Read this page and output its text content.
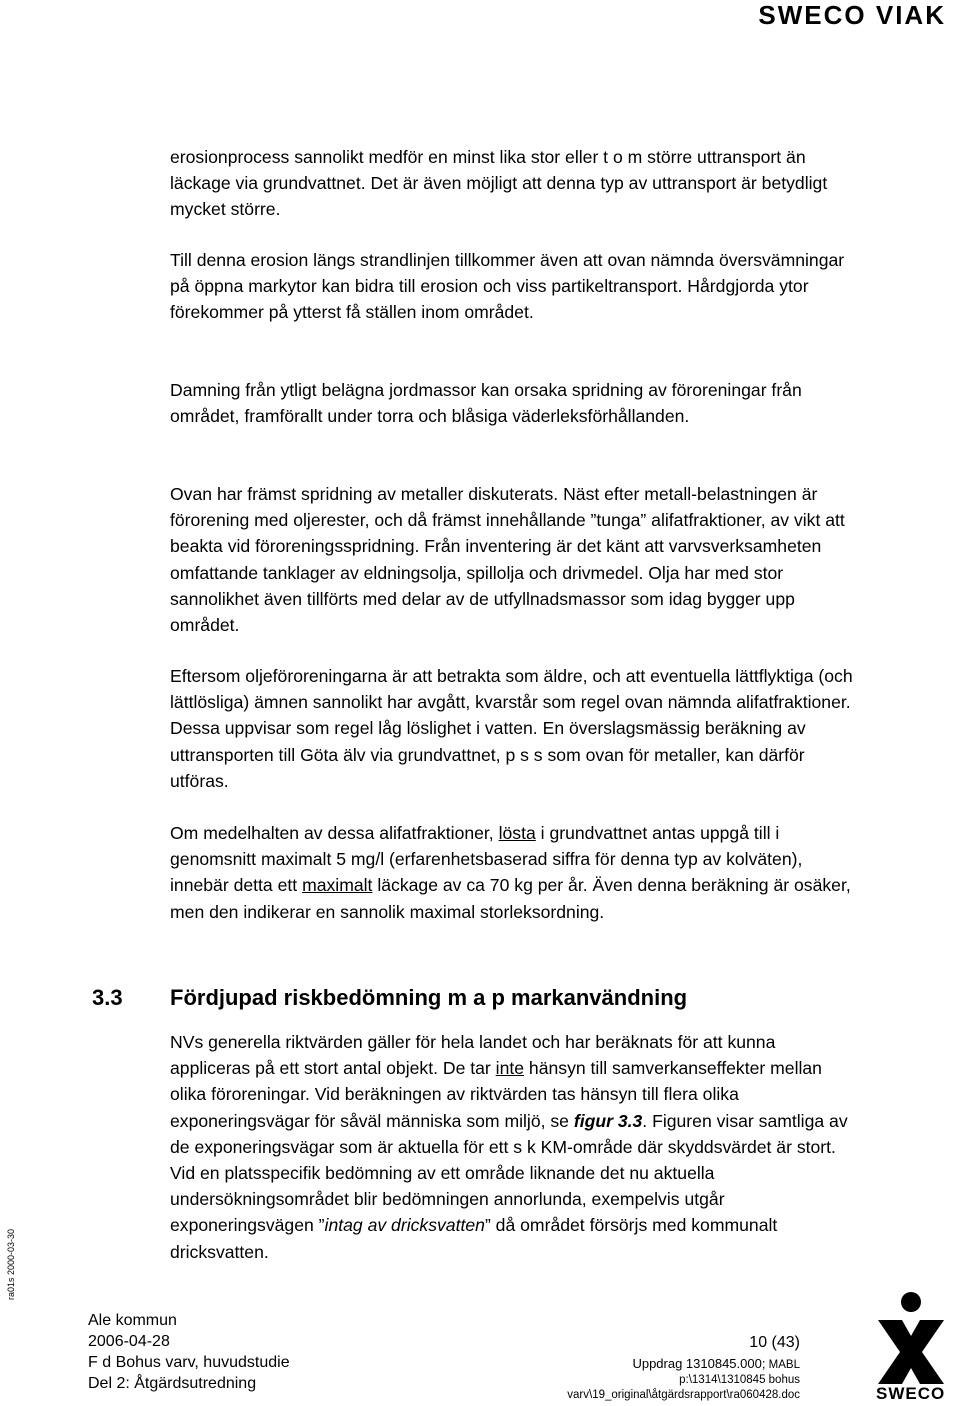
SWECO VIAK

erosionprocess sannolikt medför en minst lika stor eller t o m större uttransport än läckage via grundvattnet. Det är även möjligt att denna typ av uttransport är betydligt mycket större.

Till denna erosion längs strandlinjen tillkommer även att ovan nämnda översvämningar på öppna markytor kan bidra till erosion och viss partikeltransport. Hårdgjorda ytor förekommer på ytterst få ställen inom området.

Damning från ytligt belägna jordmassor kan orsaka spridning av föroreningar från området, framförallt under torra och blåsiga väderleksförhållanden.

Ovan har främst spridning av metaller diskuterats. Näst efter metall-belastningen är förorening med oljerester, och då främst innehållande ”tunga” alifatfraktioner, av vikt att beakta vid föroreningsspridning. Från inventering är det känt att varvsverksamheten omfattande tanklager av eldningsolja, spillolja och drivmedel. Olja har med stor sannolikhet även tillförts med delar av de utfyllnadsmassor som idag bygger upp området.

Eftersom oljeföroreningarna är att betrakta som äldre, och att eventuella lättflyktiga (och lättlösliga) ämnen sannolikt har avgått, kvarstår som regel ovan nämnda alifatfraktioner. Dessa uppvisar som regel låg löslighet i vatten. En överslagsmässig beräkning av uttransporten till Göta älv via grundvattnet, p s s som ovan för metaller, kan därför utföras.

Om medelhalten av dessa alifatfraktioner, lösta i grundvattnet antas uppgå till i genomsnitt maximalt 5 mg/l (erfarenhetsbaserad siffra för denna typ av kolväten), innebär detta ett maximalt läckage av ca 70 kg per år. Även denna beräkning är osäker, men den indikerar en sannolik maximal storleksordning.

3.3 Fördjupad riskbedömning m a p markanvändning

NVs generella riktvärden gäller för hela landet och har beräknats för att kunna appliceras på ett stort antal objekt. De tar inte hänsyn till samverkanseffekter mellan olika föroreningar. Vid beräkningen av riktvärden tas hänsyn till flera olika exponeringsvägar för såväl människa som miljö, se figur 3.3. Figuren visar samtliga av de exponeringsvägar som är aktuella för ett s k KM-område där skyddsvärdet är stort. Vid en platsspecifik bedömning av ett område liknande det nu aktuella undersökningsområdet blir bedömningen annorlunda, exempelvis utgår exponeringsvägen ”intag av dricksvatten” då området försörjs med kommunalt dricksvatten.

ra01s 2000-03-30
Ale kommun
2006-04-28
F d Bohus varv, huvudstudie
Del 2: Åtgärdsutredning
10 (43)
Uppdrag 1310845.000; MABL
p:\1314\1310845 bohus
varv\19_original\åtgärdsrapport\ra060428.doc	SWECO
